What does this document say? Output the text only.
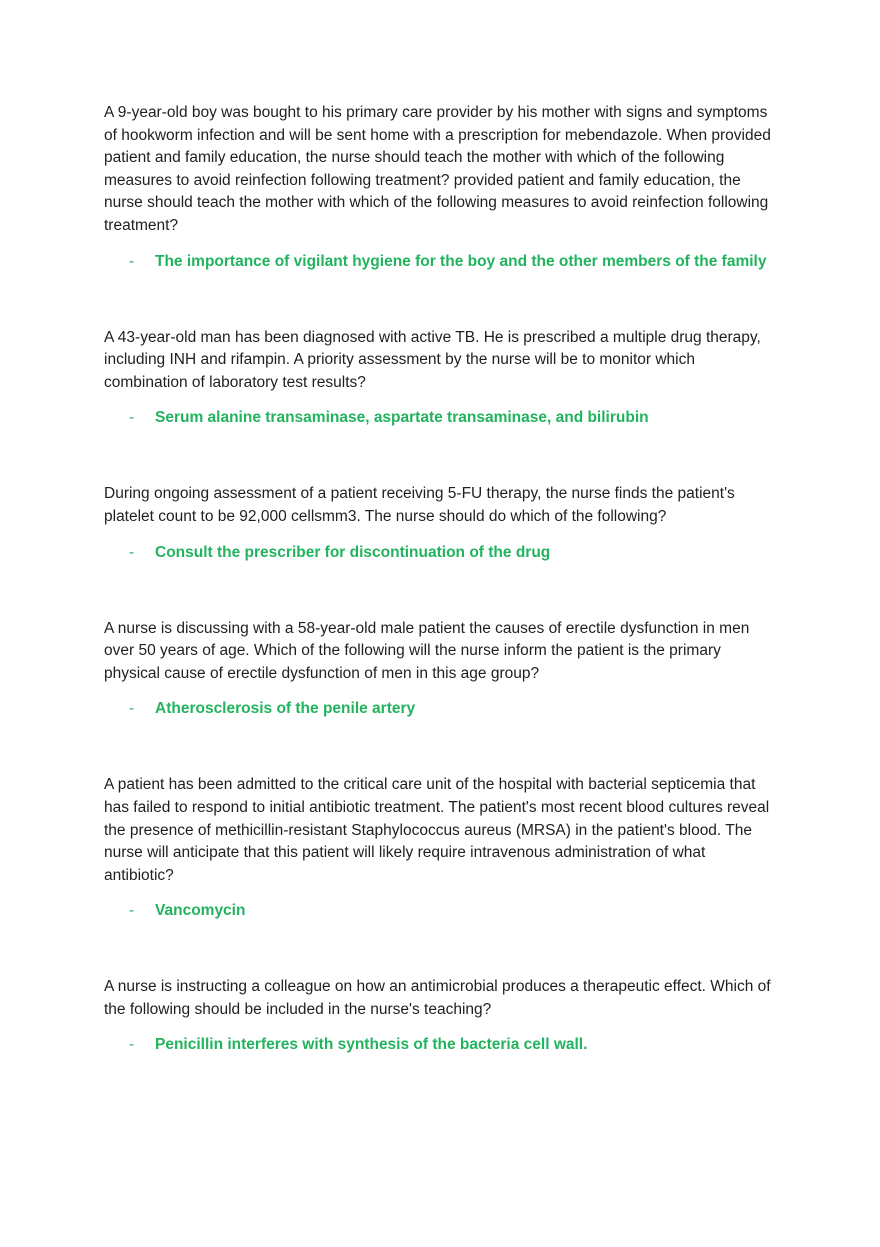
A 9-year-old boy was bought to his primary care provider by his mother with signs and symptoms of hookworm infection and will be sent home with a prescription for mebendazole. When provided patient and family education, the nurse should teach the mother with which of the following measures to avoid reinfection following treatment? provided patient and family education, the nurse should teach the mother with which of the following measures to avoid reinfection following treatment?

-	The importance of vigilant hygiene for the boy and the other members of the family

A 43-year-old man has been diagnosed with active TB. He is prescribed a multiple drug therapy, including INH and rifampin. A priority assessment by the nurse will be to monitor which combination of laboratory test results?

-	Serum alanine transaminase, aspartate transaminase, and bilirubin

During ongoing assessment of a patient receiving 5-FU therapy, the nurse finds the patient's platelet count to be 92,000 cellsmm3. The nurse should do which of the following?

-	Consult the prescriber for discontinuation of the drug

A nurse is discussing with a 58-year-old male patient the causes of erectile dysfunction in men over 50 years of age. Which of the following will the nurse inform the patient is the primary physical cause of erectile dysfunction of men in this age group?

-	Atherosclerosis of the penile artery

A patient has been admitted to the critical care unit of the hospital with bacterial septicemia that has failed to respond to initial antibiotic treatment. The patient's most recent blood cultures reveal the presence of methicillin-resistant Staphylococcus aureus (MRSA) in the patient's blood. The nurse will anticipate that this patient will likely require intravenous administration of what antibiotic?

-	Vancomycin

A nurse is instructing a colleague on how an antimicrobial produces a therapeutic effect. Which of the following should be included in the nurse's teaching?

-	Penicillin interferes with synthesis of the bacteria cell wall.
